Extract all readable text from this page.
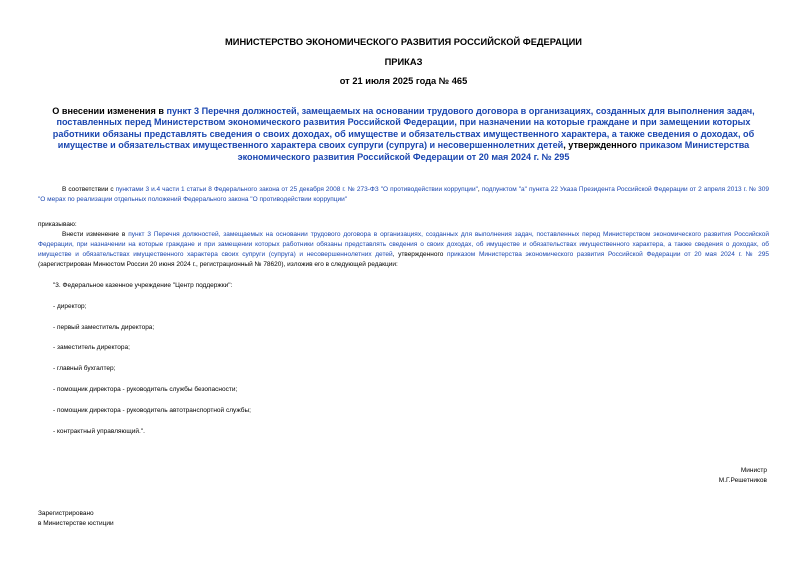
МИНИСТЕРСТВО ЭКОНОМИЧЕСКОГО РАЗВИТИЯ РОССИЙСКОЙ ФЕДЕРАЦИИ
ПРИКАЗ
от 21 июля 2025 года № 465
О внесении изменения в пункт 3 Перечня должностей, замещаемых на основании трудового договора в организациях, созданных для выполнения задач, поставленных перед Министерством экономического развития Российской Федерации, при назначении на которые граждане и при замещении которых работники обязаны представлять сведения о своих доходах, об имуществе и обязательствах имущественного характера, а также сведения о доходах, об имуществе и обязательствах имущественного характера своих супруги (супруга) и несовершеннолетних детей, утвержденного приказом Министерства экономического развития Российской Федерации от 20 мая 2024 г. № 295
В соответствии с пунктами 3 и.4 части 1 статьи 8 Федерального закона от 25 декабря 2008 г. № 273-ФЗ "О противодействии коррупции", подпунктом "а" пункта 22 Указа Президента Российской Федерации от 2 апреля 2013 г. № 309 "О мерах по реализации отдельных положений Федерального закона "О противодействии коррупции"
приказываю:
Внести изменение в пункт 3 Перечня должностей, замещаемых на основании трудового договора в организациях, созданных для выполнения задач, поставленных перед Министерством экономического развития Российской Федерации, при назначении на которые граждане и при замещении которых работники обязаны представлять сведения о своих доходах, об имуществе и обязательствах имущественного характера, а также сведения о доходах, об имуществе и обязательствах имущественного характера своих супруги (супруга) и несовершеннолетних детей, утвержденного приказом Министерства экономического развития Российской Федерации от 20 мая 2024 г. № 295 (зарегистрирован Минюстом России 20 июня 2024 г., регистрационный № 78620), изложив его в следующей редакции:
"3. Федеральное казенное учреждение "Центр поддержки":
- директор;
- первый заместитель директора;
- заместитель директора;
- главный бухгалтер;
- помощник директора - руководитель службы безопасности;
- помощник директора - руководитель автотранспортной службы;
- контрактный управляющий.".
Министр
М.Г.Решетников
Зарегистрировано
в Министерстве юстиции
